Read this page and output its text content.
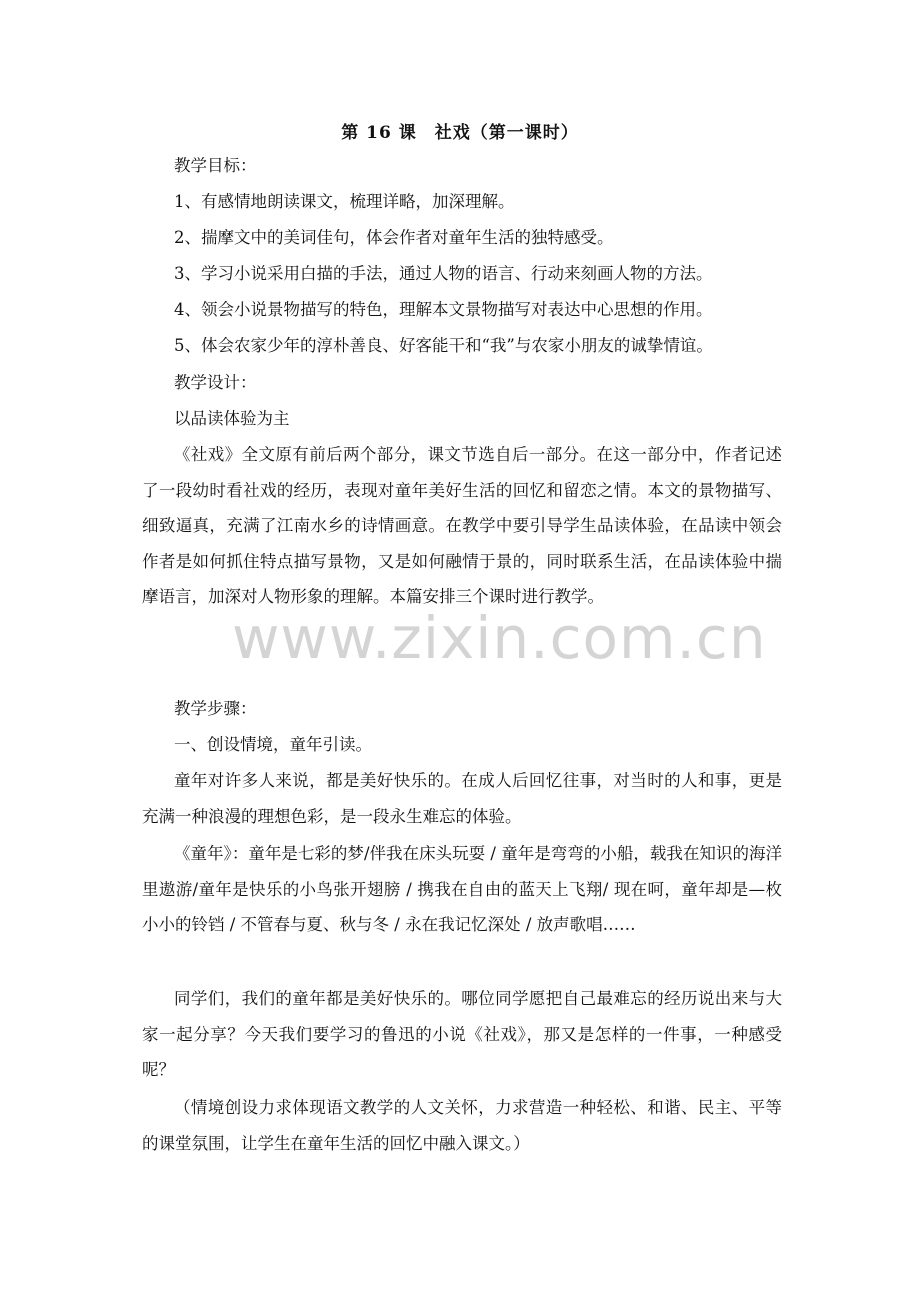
第 16 课　社戏（第一课时）
教学目标：
1、有感情地朗读课文，梳理详略，加深理解。
2、揣摩文中的美词佳句，体会作者对童年生活的独特感受。
3、学习小说采用白描的手法，通过人物的语言、行动来刻画人物的方法。
4、领会小说景物描写的特色，理解本文景物描写对表达中心思想的作用。
5、体会农家少年的淳朴善良、好客能干和“我”与农家小朋友的诚挚情谊。
教学设计：
以品读体验为主
《社戏》全文原有前后两个部分，课文节选自后一部分。在这一部分中，作者记述了一段幼时看社戏的经历，表现对童年美好生活的回忆和留恋之情。本文的景物描写、细致逼真，充满了江南水乡的诗情画意。在教学中要引导学生品读体验，在品读中领会作者是如何抓住特点描写景物，又是如何融情于景的，同时联系生活，在品读体验中揣摩语言，加深对人物形象的理解。本篇安排三个课时进行教学。
www.zixin.com.cn
教学步骤：
一、创设情境，童年引读。
童年对许多人来说，都是美好快乐的。在成人后回忆往事，对当时的人和事，更是充满一种浪漫的理想色彩，是一段永生难忘的体验。
《童年》：童年是七彩的梦/伴我在床头玩耍 / 童年是弯弯的小船，载我在知识的海洋里遨游/童年是快乐的小鸟张开翅膀 / 携我在自由的蓝天上飞翔/ 现在呵，童年却是—枚小小的铃铛 / 不管春与夏、秋与冬 / 永在我记忆深处 / 放声歌唱……
同学们，我们的童年都是美好快乐的。哪位同学愿把自己最难忘的经历说出来与大家一起分享？今天我们要学习的鲁迅的小说《社戏》，那又是怎样的一件事，一种感受呢？
（情境创设力求体现语文教学的人文关怀，力求营造一种轻松、和谐、民主、平等的课堂氛围，让学生在童年生活的回忆中融入课文。）
